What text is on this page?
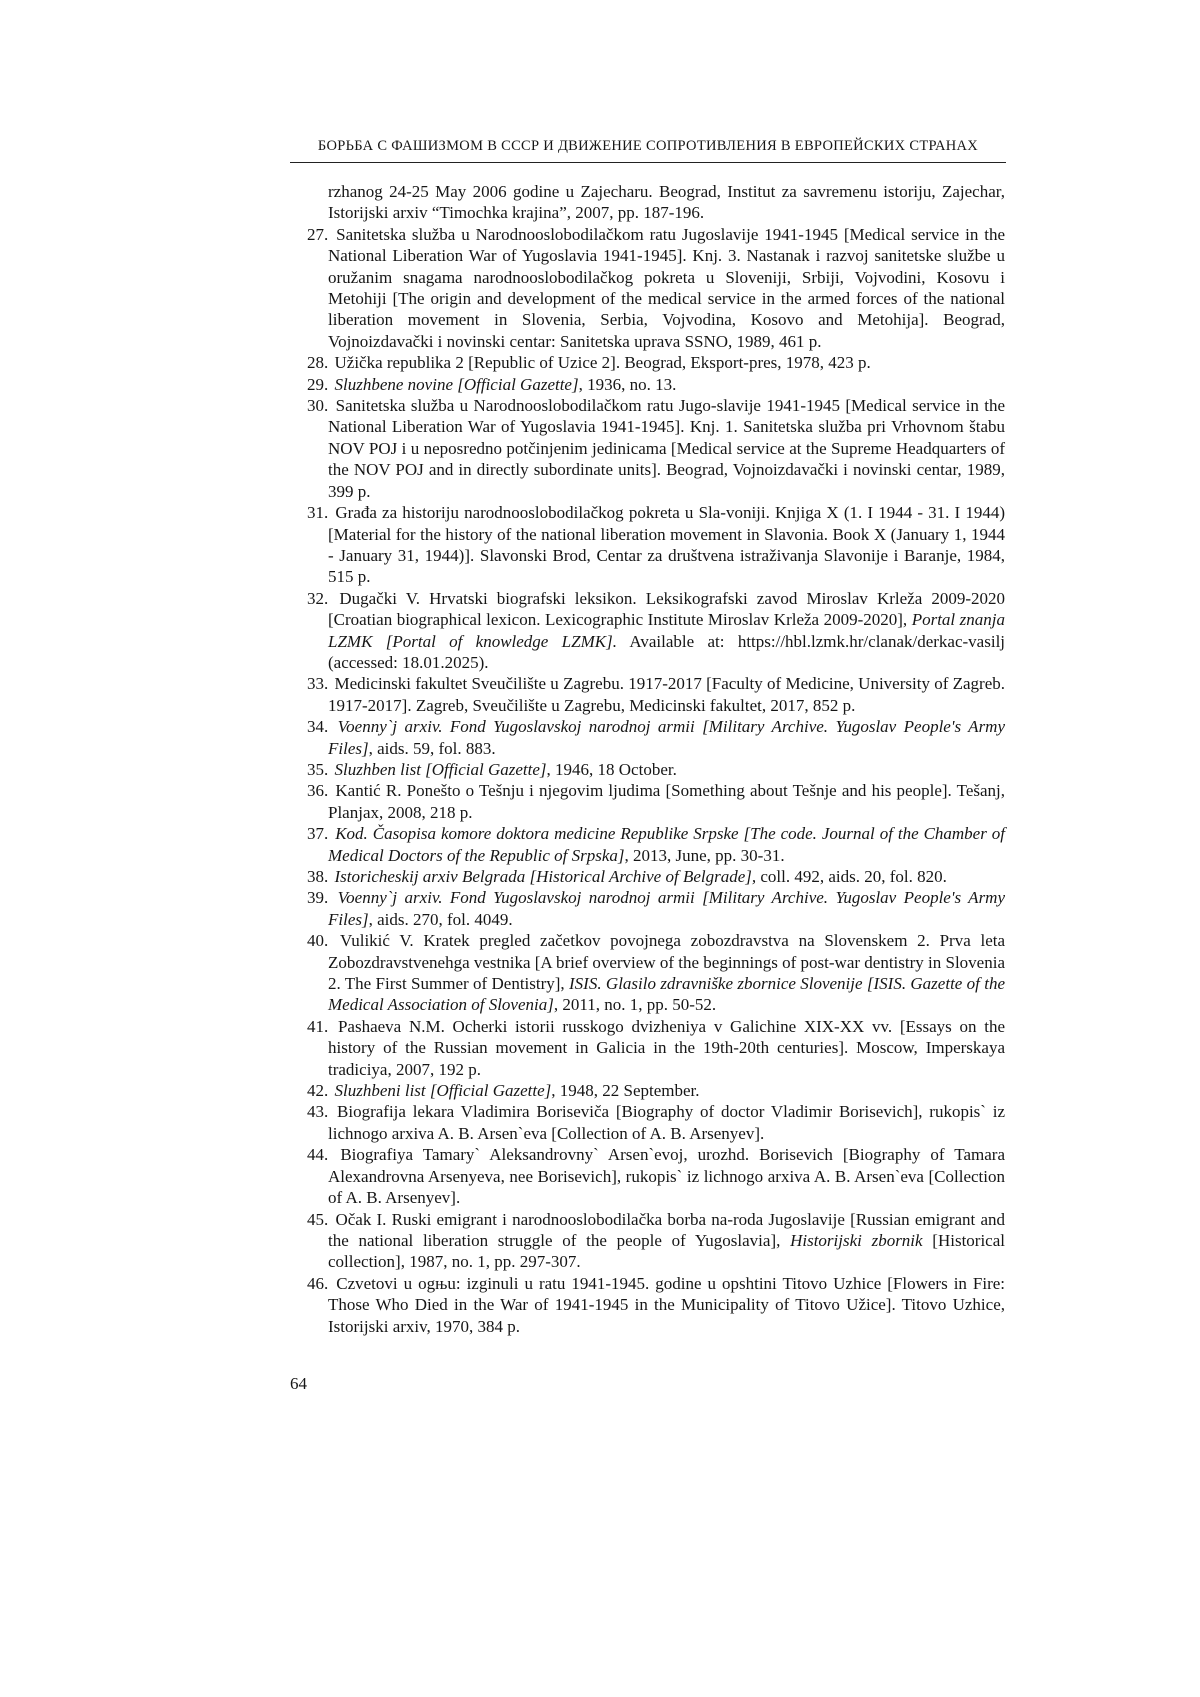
БОРЬБА С ФАШИЗМОМ В СССР И ДВИЖЕНИЕ СОПРОТИВЛЕНИЯ В ЕВРОПЕЙСКИХ СТРАНАХ

rzhanog 24-25 May 2006 godine u Zajecharu. Beograd, Institut za savremenu istoriju, Zajechar, Istorijski arxiv “Timochka krajina”, 2007, pp. 187-196.

27. Sanitetska služba u Narodnooslobodilačkom ratu Jugoslavije 1941-1945 [Medical service in the National Liberation War of Yugoslavia 1941-1945]. Knj. 3. Nastanak i razvoj sanitetske službe u oružanim snagama narodnooslobodilačkog pokreta u Sloveniji, Srbiji, Vojvodini, Kosovu i Metohiji [The origin and development of the medical service in the armed forces of the national liberation movement in Slovenia, Serbia, Vojvodina, Kosovo and Metohija]. Beograd, Vojnoizdavački i novinski centar: Sanitetska uprava SSNO, 1989, 461 p.

28. Užička republika 2 [Republic of Uzice 2]. Beograd, Eksport-pres, 1978, 423 p.

29. Sluzhbene novine [Official Gazette], 1936, no. 13.

30. Sanitetska služba u Narodnooslobodilačkom ratu Jugo-slavije 1941-1945 [Medical service in the National Liberation War of Yugoslavia 1941-1945]. Knj. 1. Sanitetska služba pri Vrhovnom štabu NOV POJ i u neposredno potčinjenim jedinicama [Medical service at the Supreme Headquarters of the NOV POJ and in directly subordinate units]. Beograd, Vojnoizdavački i novinski centar, 1989, 399 p.

31. Građa za historiju narodnooslobodilačkog pokreta u Sla-voniji. Knjiga X (1. I 1944 - 31. I 1944) [Material for the history of the national liberation movement in Slavonia. Book X (January 1, 1944 - January 31, 1944)]. Slavonski Brod, Centar za društvena istraživanja Slavonije i Baranje, 1984, 515 p.

32. Dugački V. Hrvatski biografski leksikon. Leksikografski zavod Miroslav Krleža 2009-2020 [Croatian biographical lexicon. Lexicographic Institute Miroslav Krleža 2009-2020], Portal znanja LZMK [Portal of knowledge LZMK]. Available at: https://hbl.lzmk.hr/clanak/derkac-vasilj (accessed: 18.01.2025).

33. Medicinski fakultet Sveučilište u Zagrebu. 1917-2017 [Faculty of Medicine, University of Zagreb. 1917-2017]. Zagreb, Sveučilište u Zagrebu, Medicinski fakultet, 2017, 852 p.

34. Voenny`j arxiv. Fond Yugoslavskoj narodnoj armii [Military Archive. Yugoslav People's Army Files], aids. 59, fol. 883.

35. Sluzhben list [Official Gazette], 1946, 18 October.

36. Kantić R. Ponešto o Tešnju i njegovim ljudima [Something about Tešnje and his people]. Tešanj, Planjax, 2008, 218 p.

37. Kod. Časopisa komore doktora medicine Republike Srpske [The code. Journal of the Chamber of Medical Doctors of the Republic of Srpska], 2013, June, pp. 30-31.

38. Istoricheskij arxiv Belgrada [Historical Archive of Belgrade], coll. 492, aids. 20, fol. 820.

39. Voenny`j arxiv. Fond Yugoslavskoj narodnoj armii [Military Archive. Yugoslav People's Army Files], aids. 270, fol. 4049.

40. Vulikić V. Kratek pregled začetkov povojnega zobozdravstva na Slovenskem 2. Prva leta Zobozdravstvenehga vestnika [A brief overview of the beginnings of post-war dentistry in Slovenia 2. The First Summer of Dentistry], ISIS. Glasilo zdravniške zbornice Slovenije [ISIS. Gazette of the Medical Association of Slovenia], 2011, no. 1, pp. 50-52.

41. Pashaeva N.M. Ocherki istorii russkogo dvizheniya v Galichine XIX-XX vv. [Essays on the history of the Russian movement in Galicia in the 19th-20th centuries]. Moscow, Imperskaya tradiciya, 2007, 192 p.

42. Sluzhbeni list [Official Gazette], 1948, 22 September.

43. Biografija lekara Vladimira Boriseviča [Biography of doctor Vladimir Borisevich], rukopis` iz lichnogo arxiva A. B. Arsen`eva [Collection of A. B. Arsenyev].

44. Biografiya Tamary` Aleksandrovny` Arsen`evoj, urozhd. Borisevich [Biography of Tamara Alexandrovna Arsenyeva, nee Borisevich], rukopis` iz lichnogo arxiva A. B. Arsen`eva [Collection of A. B. Arsenyev].

45. Očak I. Ruski emigrant i narodnooslobodilačka borba na-roda Jugoslavije [Russian emigrant and the national liberation struggle of the people of Yugoslavia], Historijski zbornik [Historical collection], 1987, no. 1, pp. 297-307.

46. Czvetovi u ogњu: izginuli u ratu 1941-1945. godine u opshtini Titovo Uzhice [Flowers in Fire: Those Who Died in the War of 1941-1945 in the Municipality of Titovo Užice]. Titovo Uzhice, Istorijski arxiv, 1970, 384 p.

64
